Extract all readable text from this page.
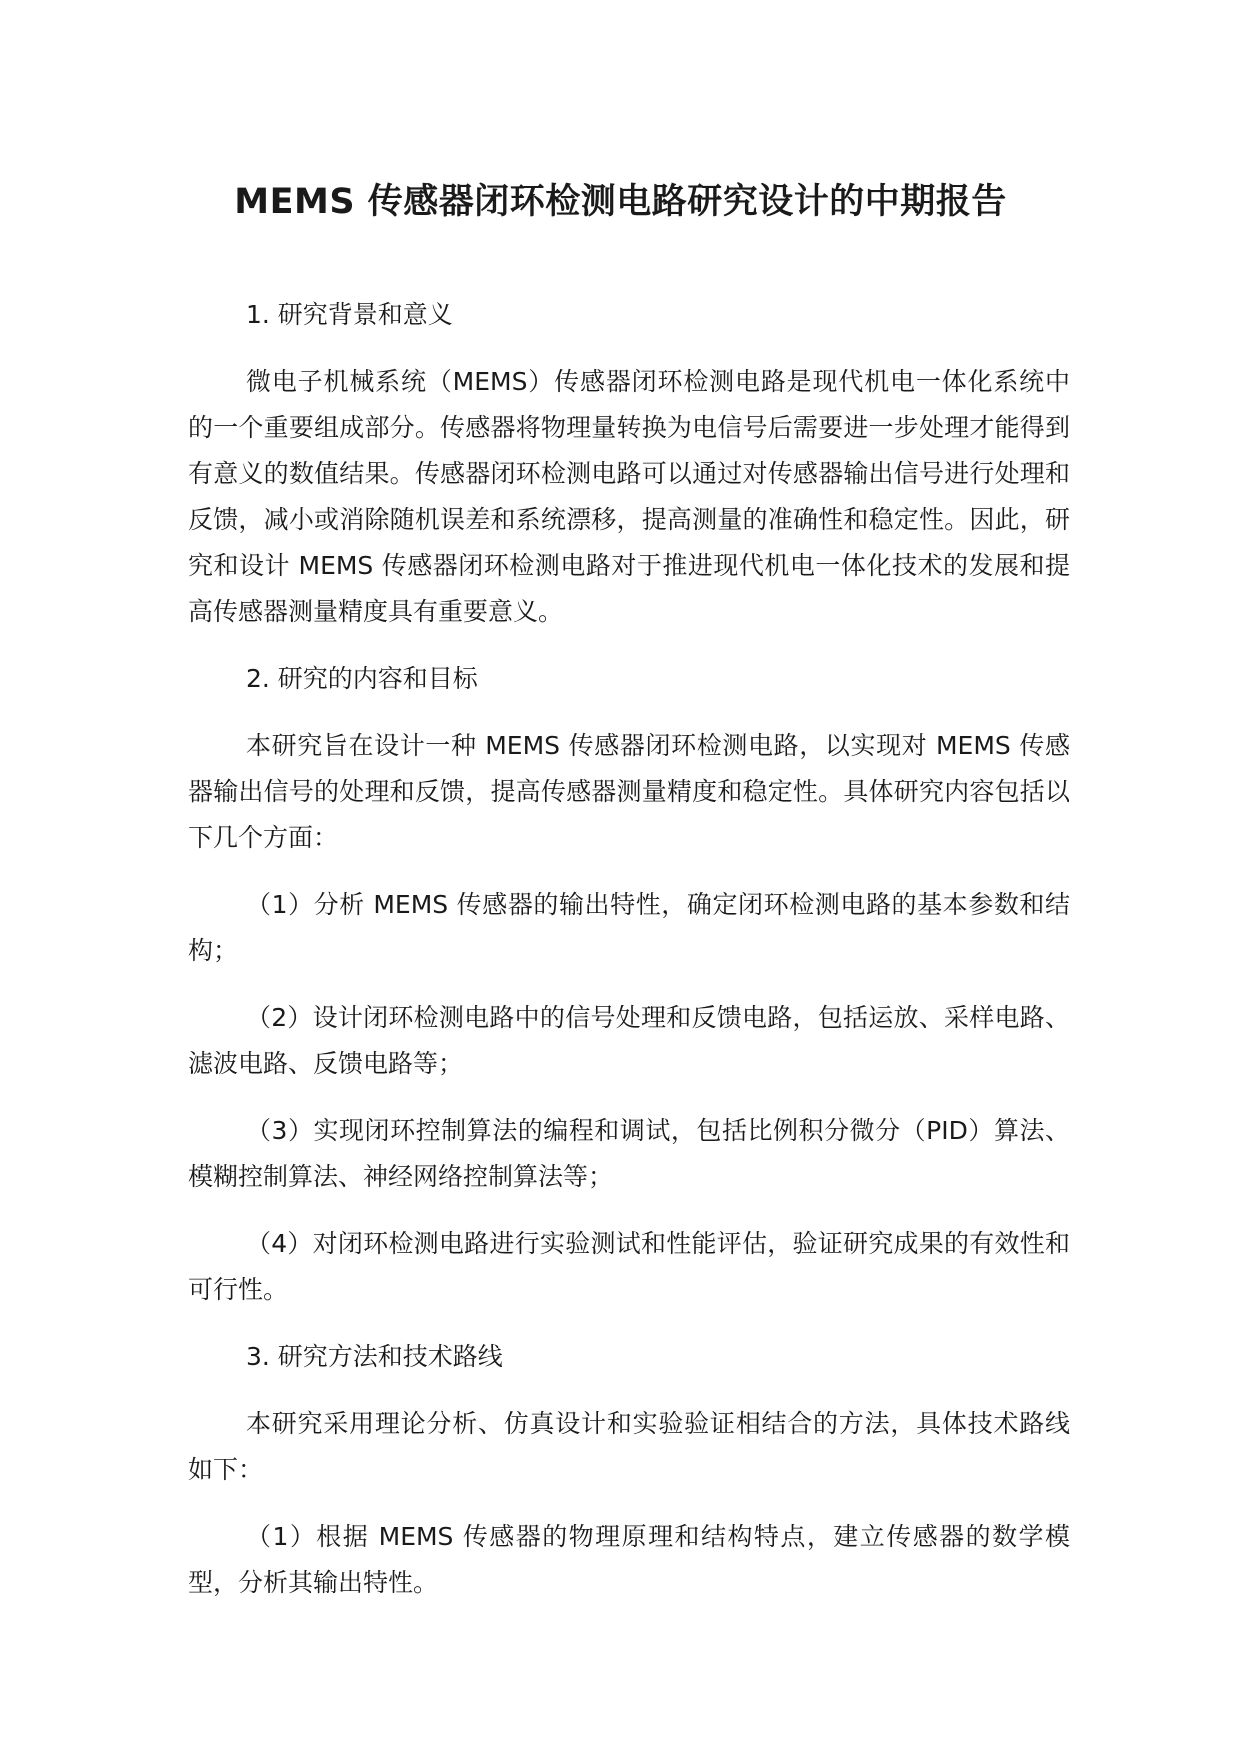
MEMS 传感器闭环检测电路研究设计的中期报告

1. 研究背景和意义

微电子机械系统（MEMS）传感器闭环检测电路是现代机电一体化系统中的一个重要组成部分。传感器将物理量转换为电信号后需要进一步处理才能得到有意义的数值结果。传感器闭环检测电路可以通过对传感器输出信号进行处理和反馈，减小或消除随机误差和系统漂移，提高测量的准确性和稳定性。因此，研究和设计 MEMS 传感器闭环检测电路对于推进现代机电一体化技术的发展和提高传感器测量精度具有重要意义。

2. 研究的内容和目标

本研究旨在设计一种 MEMS 传感器闭环检测电路，以实现对 MEMS 传感器输出信号的处理和反馈，提高传感器测量精度和稳定性。具体研究内容包括以下几个方面：

（1）分析 MEMS 传感器的输出特性，确定闭环检测电路的基本参数和结构；

（2）设计闭环检测电路中的信号处理和反馈电路，包括运放、采样电路、滤波电路、反馈电路等；

（3）实现闭环控制算法的编程和调试，包括比例积分微分（PID）算法、模糊控制算法、神经网络控制算法等；

（4）对闭环检测电路进行实验测试和性能评估，验证研究成果的有效性和可行性。

3. 研究方法和技术路线

本研究采用理论分析、仿真设计和实验验证相结合的方法，具体技术路线如下：

（1）根据 MEMS 传感器的物理原理和结构特点，建立传感器的数学模型，分析其输出特性。
